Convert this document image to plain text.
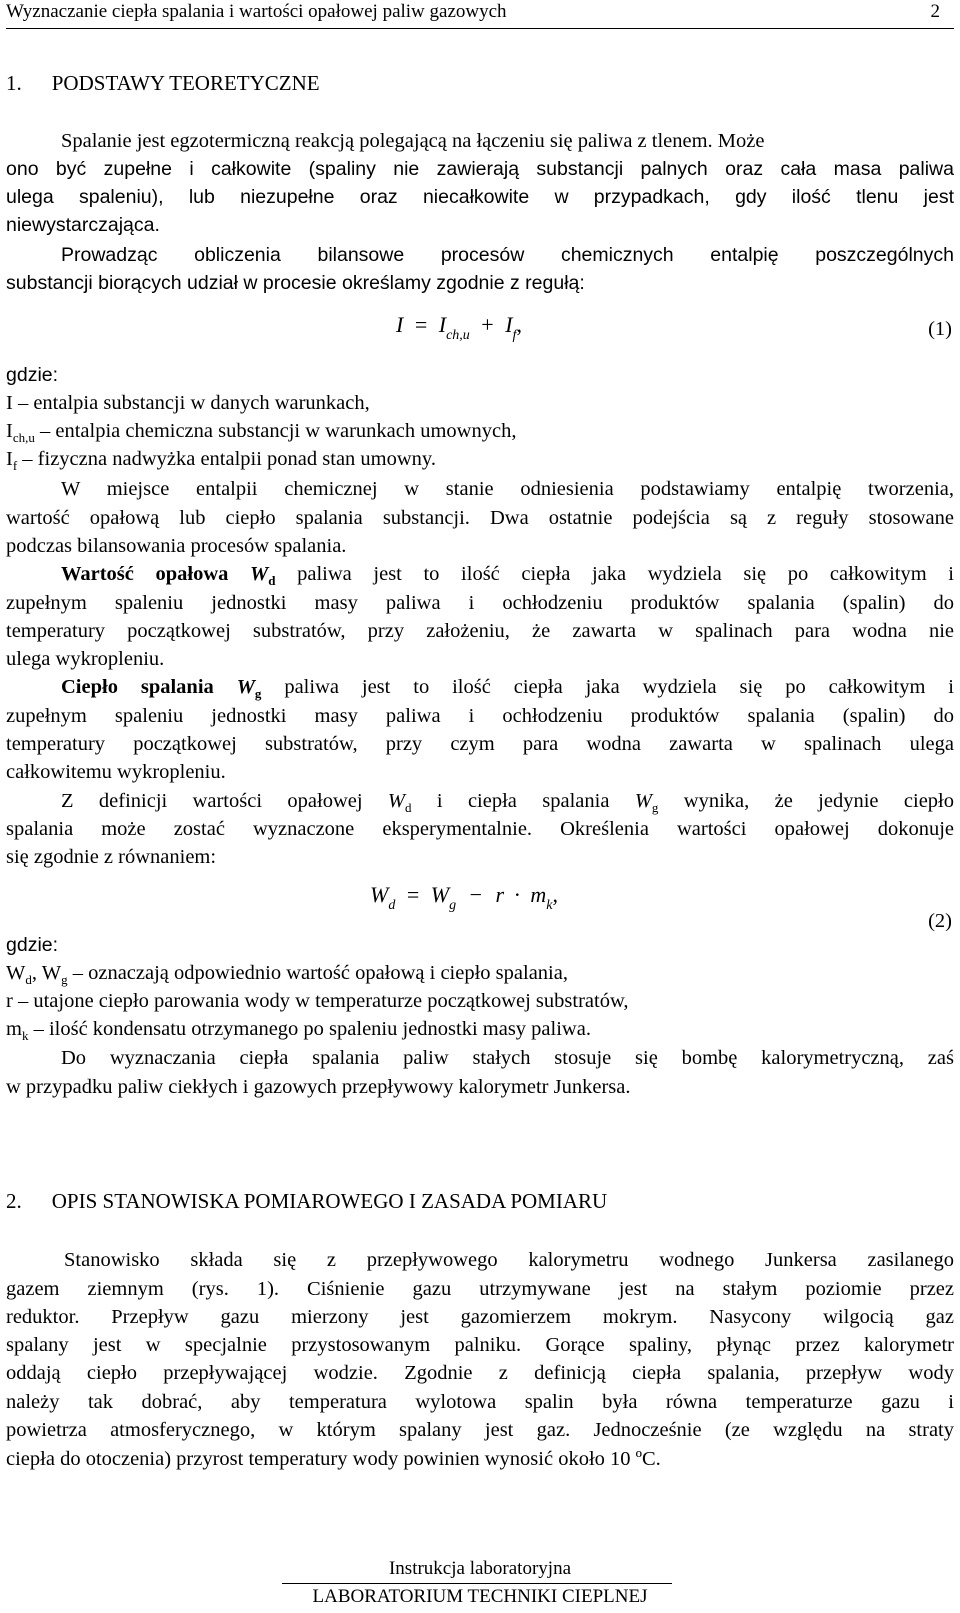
Wyznaczanie ciepła spalania i wartości opałowej paliw gazowych	2
1. PODSTAWY TEORETYCZNE
Spalanie jest egzotermiczną reakcją polegającą na łączeniu się paliwa z tlenem. Może
ono być zupełne i całkowite (spaliny nie zawierają substancji palnych oraz cała masa paliwa
ulega spaleniu), lub niezupełne oraz niecałkowite w przypadkach, gdy ilość tlenu jest
niewystarczająca.
Prowadząc obliczenia bilansowe procesów chemicznych entalpię poszczególnych
substancji biorących udział w procesie określamy zgodnie z regułą:
$I = I_{ch,u} + I_f$,	(1)
gdzie:
I – entalpia substancji w danych warunkach,
$I_{ch,u}$ – entalpia chemiczna substancji w warunkach umownych,
$I_f$ – fizyczna nadwyżka entalpii ponad stan umowny.
W miejsce entalpii chemicznej w stanie odniesienia podstawiamy entalpię tworzenia,
wartość opałową lub ciepło spalania substancji. Dwa ostatnie podejścia są z reguły stosowane
podczas bilansowania procesów spalania.
Wartość opałowa $W_d$ paliwa jest to ilość ciepła jaka wydziela się po całkowitym i
zupełnym spaleniu jednostki masy paliwa i ochłodzeniu produktów spalania (spalin) do
temperatury początkowej substratów, przy założeniu, że zawarta w spalinach para wodna nie
ulega wykropleniu.
Ciepło spalania $W_g$ paliwa jest to ilość ciepła jaka wydziela się po całkowitym i
zupełnym spaleniu jednostki masy paliwa i ochłodzeniu produktów spalania (spalin) do
temperatury początkowej substratów, przy czym para wodna zawarta w spalinach ulega
całkowitemu wykropleniu.
Z definicji wartości opałowej $W_d$ i ciepła spalania $W_g$ wynika, że jedynie ciepło
spalania może zostać wyznaczone eksperymentalnie. Określenia wartości opałowej dokonuje
się zgodnie z równaniem:
$W_d = W_g - r \cdot m_k$,
(2)
gdzie:
$W_d$, $W_g$ – oznaczają odpowiednio wartość opałową i ciepło spalania,
r – utajone ciepło parowania wody w temperaturze początkowej substratów,
$m_k$ – ilość kondensatu otrzymanego po spaleniu jednostki masy paliwa.
Do wyznaczania ciepła spalania paliw stałych stosuje się bombę kalorymetryczną, zaś
w przypadku paliw ciekłych i gazowych przepływowy kalorymetr Junkersa.
2. OPIS STANOWISKA POMIAROWEGO I ZASADA POMIARU
Stanowisko składa się z przepływowego kalorymetru wodnego Junkersa zasilanego
gazem ziemnym (rys. 1). Ciśnienie gazu utrzymywane jest na stałym poziomie przez
reduktor. Przepływ gazu mierzony jest gazomierzem mokrym. Nasycony wilgocią gaz
spalany jest w specjalnie przystosowanym palniku. Gorące spaliny, płynąc przez kalorymetr
oddają ciepło przepływającej wodzie. Zgodnie z definicją ciepła spalania, przepływ wody
należy tak dobrać, aby temperatura wylotowa spalin była równa temperaturze gazu i
powietrza atmosferycznego, w którym spalany jest gaz. Jednocześnie (ze względu na straty
ciepła do otoczenia) przyrost temperatury wody powinien wynosić około 10 ºC.
Instrukcja laboratoryjna
LABORATORIUM TECHNIKI CIEPLNEJ
